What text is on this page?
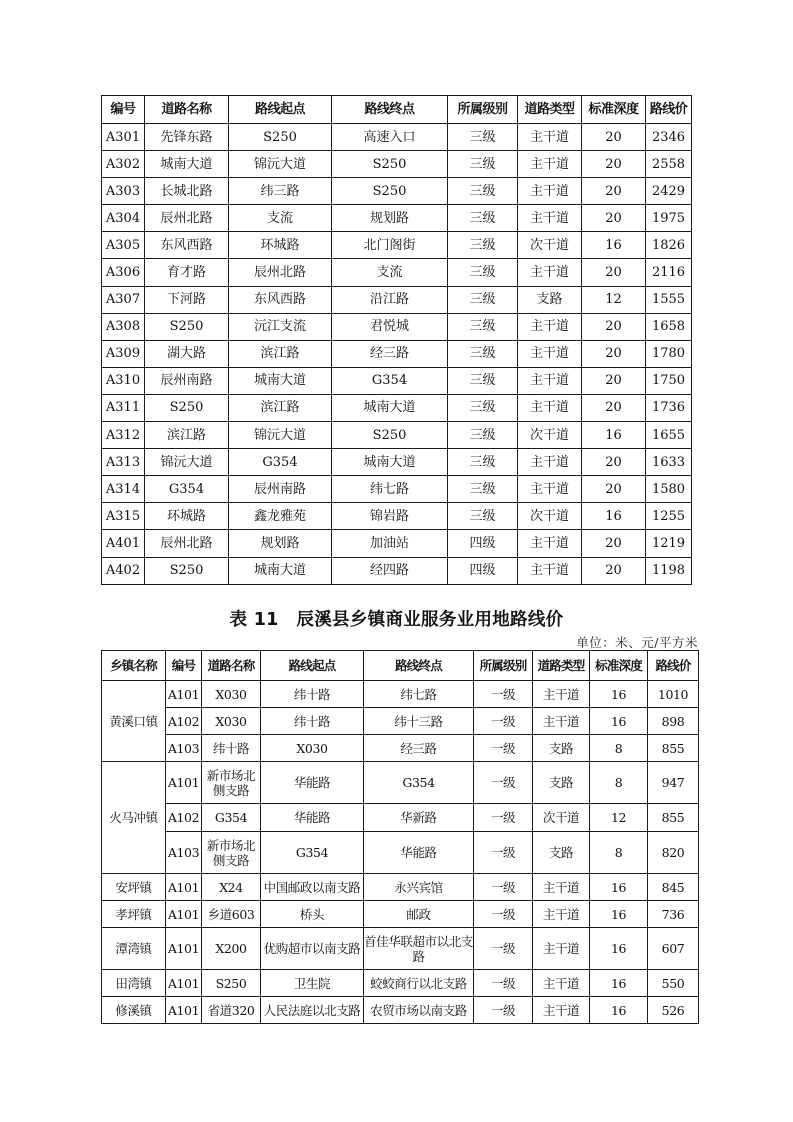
编号	道路名称	路线起点	路线终点	所属级别	道路类型	标准深度	路线价
A301	先锋东路	S250	高速入口	三级	主干道	20	2346
A302	城南大道	锦沅大道	S250	三级	主干道	20	2558
A303	长城北路	纬三路	S250	三级	主干道	20	2429
A304	辰州北路	支流	规划路	三级	主干道	20	1975
A305	东风西路	环城路	北门阁街	三级	次干道	16	1826
A306	育才路	辰州北路	支流	三级	主干道	20	2116
A307	下河路	东风西路	沿江路	三级	支路	12	1555
A308	S250	沅江支流	君悦城	三级	主干道	20	1658
A309	湖大路	滨江路	经三路	三级	主干道	20	1780
A310	辰州南路	城南大道	G354	三级	主干道	20	1750
A311	S250	滨江路	城南大道	三级	主干道	20	1736
A312	滨江路	锦沅大道	S250	三级	次干道	16	1655
A313	锦沅大道	G354	城南大道	三级	主干道	20	1633
A314	G354	辰州南路	纬七路	三级	主干道	20	1580
A315	环城路	鑫龙雅苑	锦岩路	三级	次干道	16	1255
A401	辰州北路	规划路	加油站	四级	主干道	20	1219
A402	S250	城南大道	经四路	四级	主干道	20	1198
表 11　辰溪县乡镇商业服务业用地路线价
单位：米、元/平方米
乡镇名称	编号	道路名称	路线起点	路线终点	所属级别	道路类型	标准深度	路线价
黄溪口镇	A101	X030	纬十路	纬七路	一级	主干道	16	1010
	A102	X030	纬十路	纬十三路	一级	主干道	16	898
	A103	纬十路	X030	经三路	一级	支路	8	855
火马冲镇	A101	新市场北侧支路	华能路	G354	一级	支路	8	947
	A102	G354	华能路	华新路	一级	次干道	12	855
	A103	新市场北侧支路	G354	华能路	一级	支路	8	820
安坪镇	A101	X24	中国邮政以南支路	永兴宾馆	一级	主干道	16	845
孝坪镇	A101	乡道603	桥头	邮政	一级	主干道	16	736
潭湾镇	A101	X200	优购超市以南支路	首佳华联超市以北支路	一级	主干道	16	607
田湾镇	A101	S250	卫生院	蛟蛟商行以北支路	一级	主干道	16	550
修溪镇	A101	省道320	人民法庭以北支路	农贸市场以南支路	一级	主干道	16	526
